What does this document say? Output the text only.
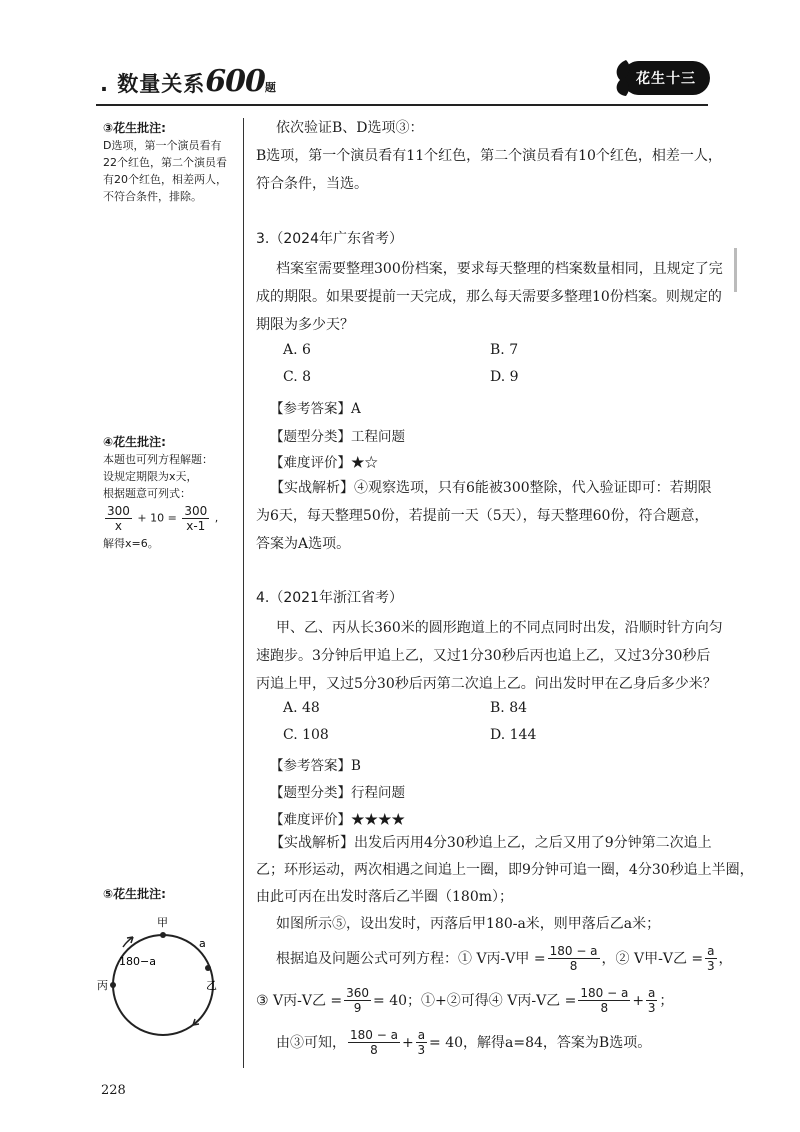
. 数量关系600题
花生十三
③花生批注:
D选项，第一个演员看有
22个红色，第二个演员看
有20个红色，相差两人，
不符合条件，排除。
④花生批注:
本题也可列方程解题：
设规定期限为x天，
根据题意可列式：
$\frac{300}{x} + 10 = \frac{300}{x-1}$ ,
解得x=6。
⑤花生批注:
甲
a
180−a
丙	乙
依次验证B、D选项③：
B选项，第一个演员看有11个红色，第二个演员看有10个红色，相差一人，
符合条件，当选。
3.（2024年广东省考）
档案室需要整理300份档案，要求每天整理的档案数量相同，且规定了完
成的期限。如果要提前一天完成，那么每天需要多整理10份档案。则规定的
期限为多少天？
A. 6	B. 7
C. 8	D. 9
【参考答案】A
【题型分类】工程问题
【难度评价】★☆
【实战解析】④观察选项，只有6能被300整除，代入验证即可：若期限
为6天，每天整理50份，若提前一天（5天），每天整理60份，符合题意，
答案为A选项。
4.（2021年浙江省考）
甲、乙、丙从长360米的圆形跑道上的不同点同时出发，沿顺时针方向匀
速跑步。3分钟后甲追上乙，又过1分30秒后丙也追上乙，又过3分30秒后
丙追上甲，又过5分30秒后丙第二次追上乙。问出发时甲在乙身后多少米？
A. 48	B. 84
C. 108	D. 144
【参考答案】B
【题型分类】行程问题
【难度评价】★★★★
【实战解析】出发后丙用4分30秒追上乙，之后又用了9分钟第二次追上
乙；环形运动，两次相遇之间追上一圈，即9分钟可追一圈，4分30秒追上半圈，
由此可丙在出发时落后乙半圈（180m）；
如图所示⑤，设出发时，丙落后甲180-a米，则甲落后乙a米；
根据追及问题公式可列方程：① V丙-V甲 = $\frac{180 - a}{8}$ ，② V甲-V乙 = $\frac{a}{3}$ ，
③ V丙-V乙 = $\frac{360}{9} = 40$；①+②可得④ V丙-V乙 = $\frac{180 - a}{8} + \frac{a}{3}$ ；
由③可知， $\frac{180 - a}{8} + \frac{a}{3} = 40$，解得a=84，答案为B选项。
228
